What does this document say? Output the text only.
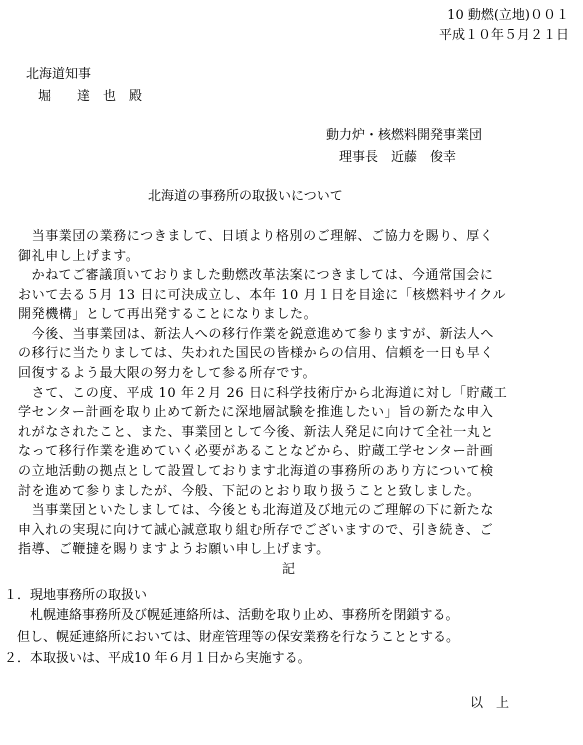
10 動燃(立地)００１
平成１０年５月２１日
北海道知事
堀　　達　也　殿
動力炉・核燃料開発事業団
理事長　近藤　俊幸
北海道の事務所の取扱いについて
　当事業団の業務につきまして、日頃より格別のご理解、ご協力を賜り、厚く
御礼申し上げます。
　かねてご審議頂いておりました動燃改革法案につきましては、今通常国会に
おいて去る５月 13 日に可決成立し、本年 10 月１日を目途に「核燃料サイクル
開発機構」として再出発することになりました。
　今後、当事業団は、新法人への移行作業を鋭意進めて参りますが、新法人へ
の移行に当たりましては、失われた国民の皆様からの信用、信頼を一日も早く
回復するよう最大限の努力をして参る所存です。
　さて、この度、平成 10 年２月 26 日に科学技術庁から北海道に対し「貯蔵工
学センター計画を取り止めて新たに深地層試験を推進したい」旨の新たな申入
れがなされたこと、また、事業団として今後、新法人発足に向けて全社一丸と
なって移行作業を進めていく必要があることなどから、貯蔵工学センター計画
の立地活動の拠点として設置しております北海道の事務所のあり方について検
討を進めて参りましたが、今般、下記のとおり取り扱うことと致しました。
　当事業団といたしましては、今後とも北海道及び地元のご理解の下に新たな
申入れの実現に向けて誠心誠意取り組む所存でございますので、引き続き、ご
指導、ご鞭撻を賜りますようお願い申し上げます。
記
１．現地事務所の取扱い
　　札幌連絡事務所及び幌延連絡所は、活動を取り止め、事務所を閉鎖する。
　但し、幌延連絡所においては、財産管理等の保安業務を行なうこととする。
２．本取扱いは、平成10 年６月１日から実施する。
以　上
